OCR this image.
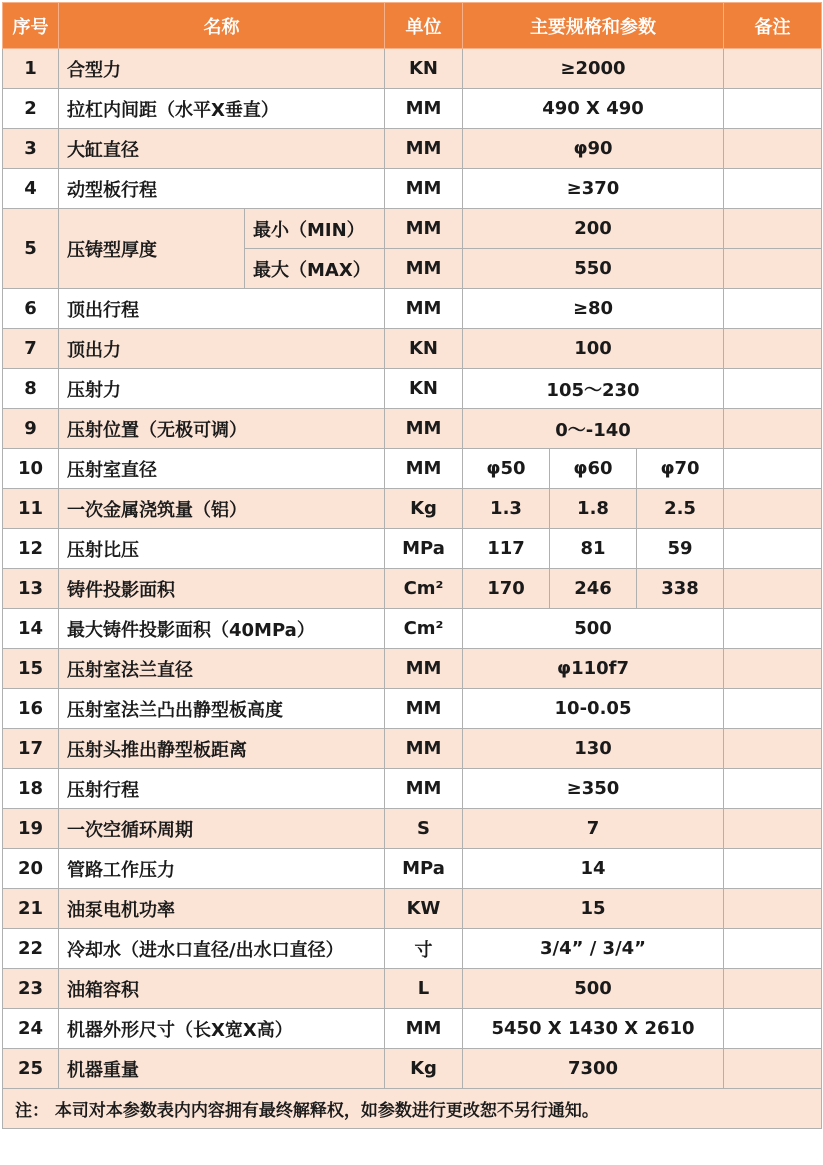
序号	名称		单位	主要规格和参数			备注
1	合型力		KN	≥2000			
2	拉杠内间距（水平X垂直）		MM	490 X 490			
3	大缸直径		MM	φ90			
4	动型板行程		MM	≥370			
5	压铸型厚度	最小（MIN）	MM	200			
		最大（MAX）	MM	550			
6	顶出行程		MM	≥80			
7	顶出力		KN	100			
8	压射力		KN	105～230			
9	压射位置（无极可调）		MM	0～-140			
10	压射室直径		MM	φ50	φ60	φ70	
11	一次金属浇筑量（铝）		Kg	1.3	1.8	2.5	
12	压射比压		MPa	117	81	59	
13	铸件投影面积		Cm²	170	246	338	
14	最大铸件投影面积（40MPa）		Cm²	500			
15	压射室法兰直径		MM	φ110f7			
16	压射室法兰凸出静型板高度		MM	10-0.05			
17	压射头推出静型板距离		MM	130			
18	压射行程		MM	≥350			
19	一次空循环周期		S	7			
20	管路工作压力		MPa	14			
21	油泵电机功率		KW	15			
22	冷却水（进水口直径/出水口直径）		寸	3/4” / 3/4”			
23	油箱容积		L	500			
24	机器外形尺寸（长X宽X高）		MM	5450 X 1430 X 2610			
25	机器重量		Kg	7300			
注： 本司对本参数表内内容拥有最终解释权，如参数进行更改恕不另行通知。							
